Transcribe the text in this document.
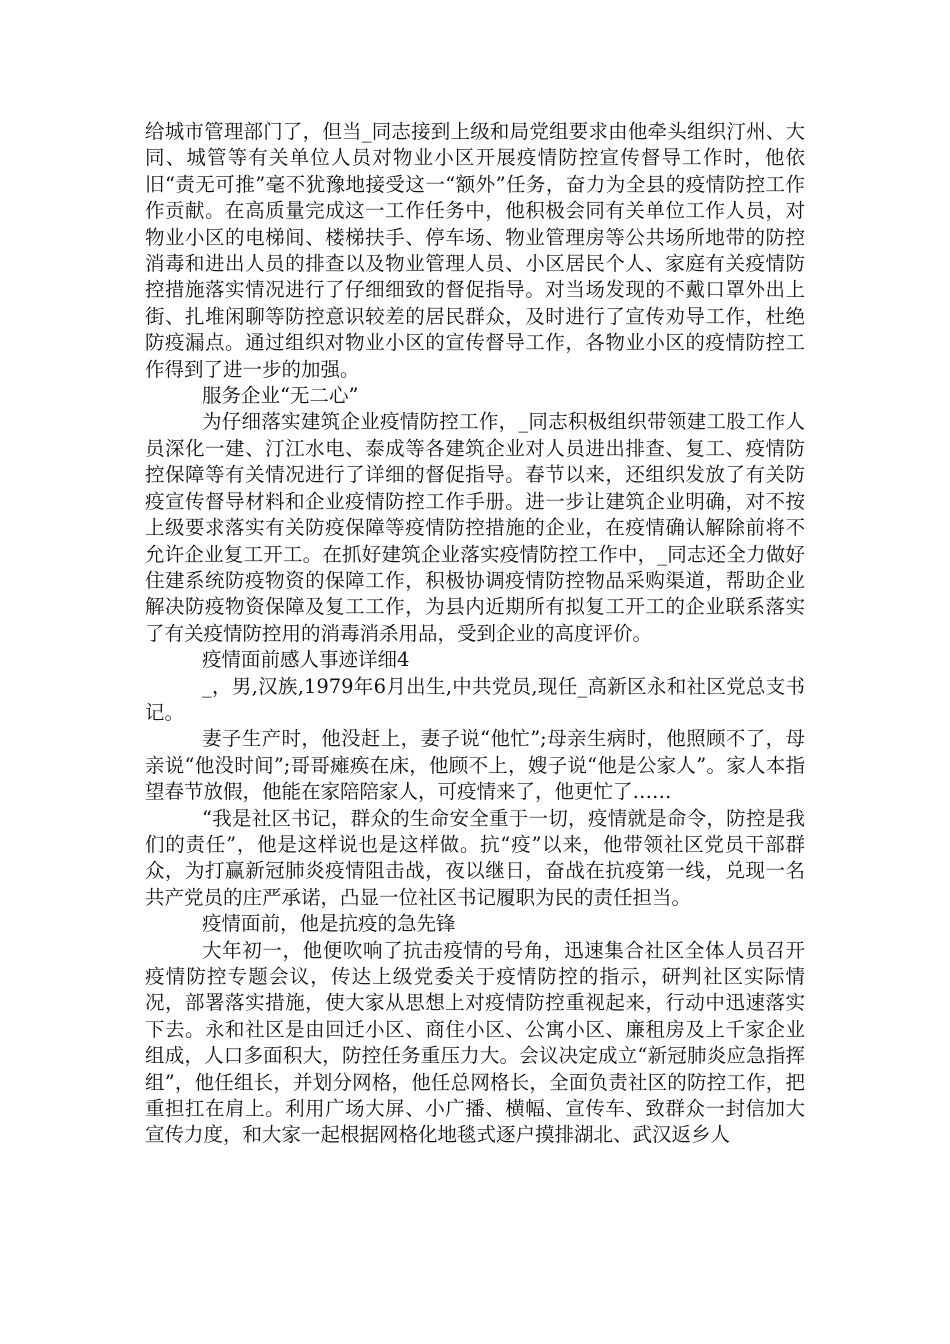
给城市管理部门了，但当_同志接到上级和局党组要求由他牵头组织汀州、大同、城管等有关单位人员对物业小区开展疫情防控宣传督导工作时，他依旧“责无可推”毫不犹豫地接受这一“额外”任务，奋力为全县的疫情防控工作作贡献。在高质量完成这一工作任务中，他积极会同有关单位工作人员，对物业小区的电梯间、楼梯扶手、停车场、物业管理房等公共场所地带的防控消毒和进出人员的排查以及物业管理人员、小区居民个人、家庭有关疫情防控措施落实情况进行了仔细细致的督促指导。对当场发现的不戴口罩外出上街、扎堆闲聊等防控意识较差的居民群众，及时进行了宣传劝导工作，杜绝防疫漏点。通过组织对物业小区的宣传督导工作，各物业小区的疫情防控工作得到了进一步的加强。

服务企业“无二心”

为仔细落实建筑企业疫情防控工作，_同志积极组织带领建工股工作人员深化一建、汀江水电、泰成等各建筑企业对人员进出排查、复工、疫情防控保障等有关情况进行了详细的督促指导。春节以来，还组织发放了有关防疫宣传督导材料和企业疫情防控工作手册。进一步让建筑企业明确，对不按上级要求落实有关防疫保障等疫情防控措施的企业，在疫情确认解除前将不允许企业复工开工。在抓好建筑企业落实疫情防控工作中，_同志还全力做好住建系统防疫物资的保障工作，积极协调疫情防控物品采购渠道，帮助企业解决防疫物资保障及复工工作，为县内近期所有拟复工开工的企业联系落实了有关疫情防控用的消毒消杀用品，受到企业的高度评价。

疫情面前感人事迹详细4

_，男,汉族,1979年6月出生,中共党员,现任_高新区永和社区党总支书记。

妻子生产时，他没赶上，妻子说“他忙”;母亲生病时，他照顾不了，母亲说“他没时间”;哥哥瘫痪在床，他顾不上，嫂子说“他是公家人”。家人本指望春节放假，他能在家陪陪家人，可疫情来了，他更忙了……

“我是社区书记，群众的生命安全重于一切，疫情就是命令，防控是我们的责任”，他是这样说也是这样做。抗“疫”以来，他带领社区党员干部群众，为打赢新冠肺炎疫情阻击战，夜以继日，奋战在抗疫第一线，兑现一名共产党员的庄严承诺，凸显一位社区书记履职为民的责任担当。

疫情面前，他是抗疫的急先锋

大年初一，他便吹响了抗击疫情的号角，迅速集合社区全体人员召开疫情防控专题会议，传达上级党委关于疫情防控的指示，研判社区实际情况，部署落实措施，使大家从思想上对疫情防控重视起来，行动中迅速落实下去。永和社区是由回迁小区、商住小区、公寓小区、廉租房及上千家企业组成，人口多面积大，防控任务重压力大。会议决定成立“新冠肺炎应急指挥组”，他任组长，并划分网格，他任总网格长，全面负责社区的防控工作，把重担扛在肩上。利用广场大屏、小广播、横幅、宣传车、致群众一封信加大宣传力度，和大家一起根据网格化地毯式逐户摸排湖北、武汉返乡人
